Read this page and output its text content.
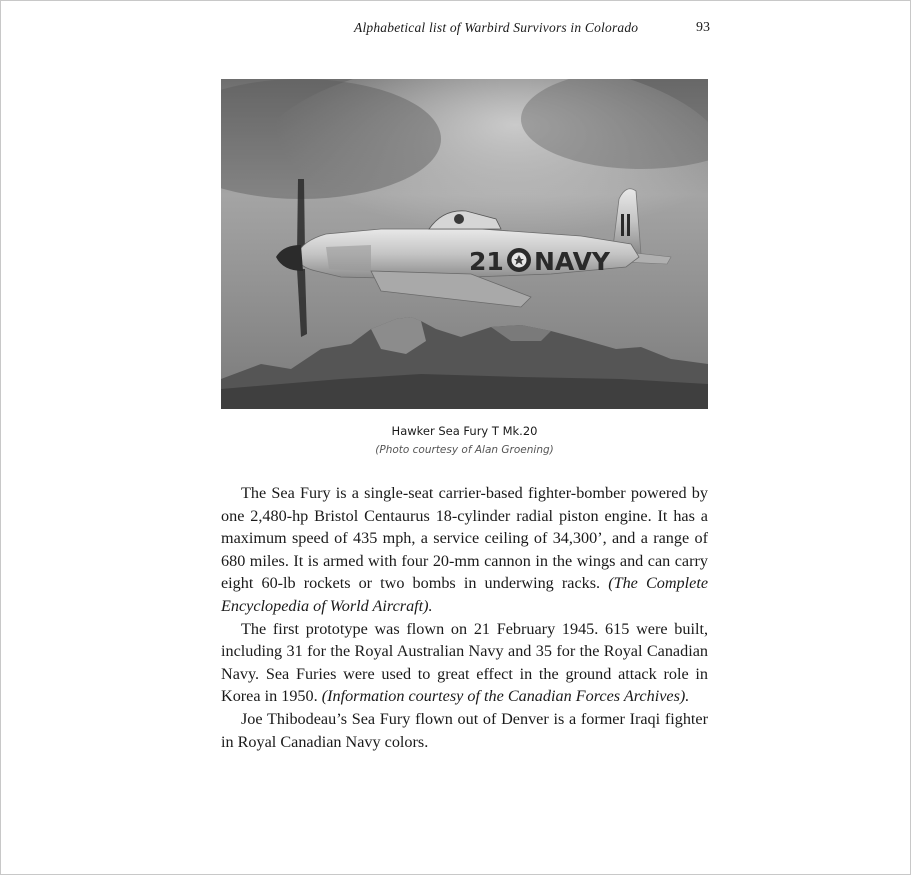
Alphabetical list of Warbird Survivors in Colorado	93
21 NAVY
Hawker Sea Fury T Mk.20
(Photo courtesy of Alan Groening)

The Sea Fury is a single-seat carrier-based fighter-bomber powered by one 2,480-hp Bristol Centaurus 18-cylinder radial piston engine. It has a maximum speed of 435 mph, a service ceiling of 34,300’, and a range of 680 miles. It is armed with four 20-mm cannon in the wings and can carry eight 60-lb rockets or two bombs in underwing racks. (The Complete Encyclopedia of World Aircraft).

The first prototype was flown on 21 February 1945. 615 were built, including 31 for the Royal Australian Navy and 35 for the Royal Canadian Navy. Sea Furies were used to great effect in the ground attack role in Korea in 1950. (Information courtesy of the Canadian Forces Archives).

Joe Thibodeau’s Sea Fury flown out of Denver is a former Iraqi fighter in Royal Canadian Navy colors.
